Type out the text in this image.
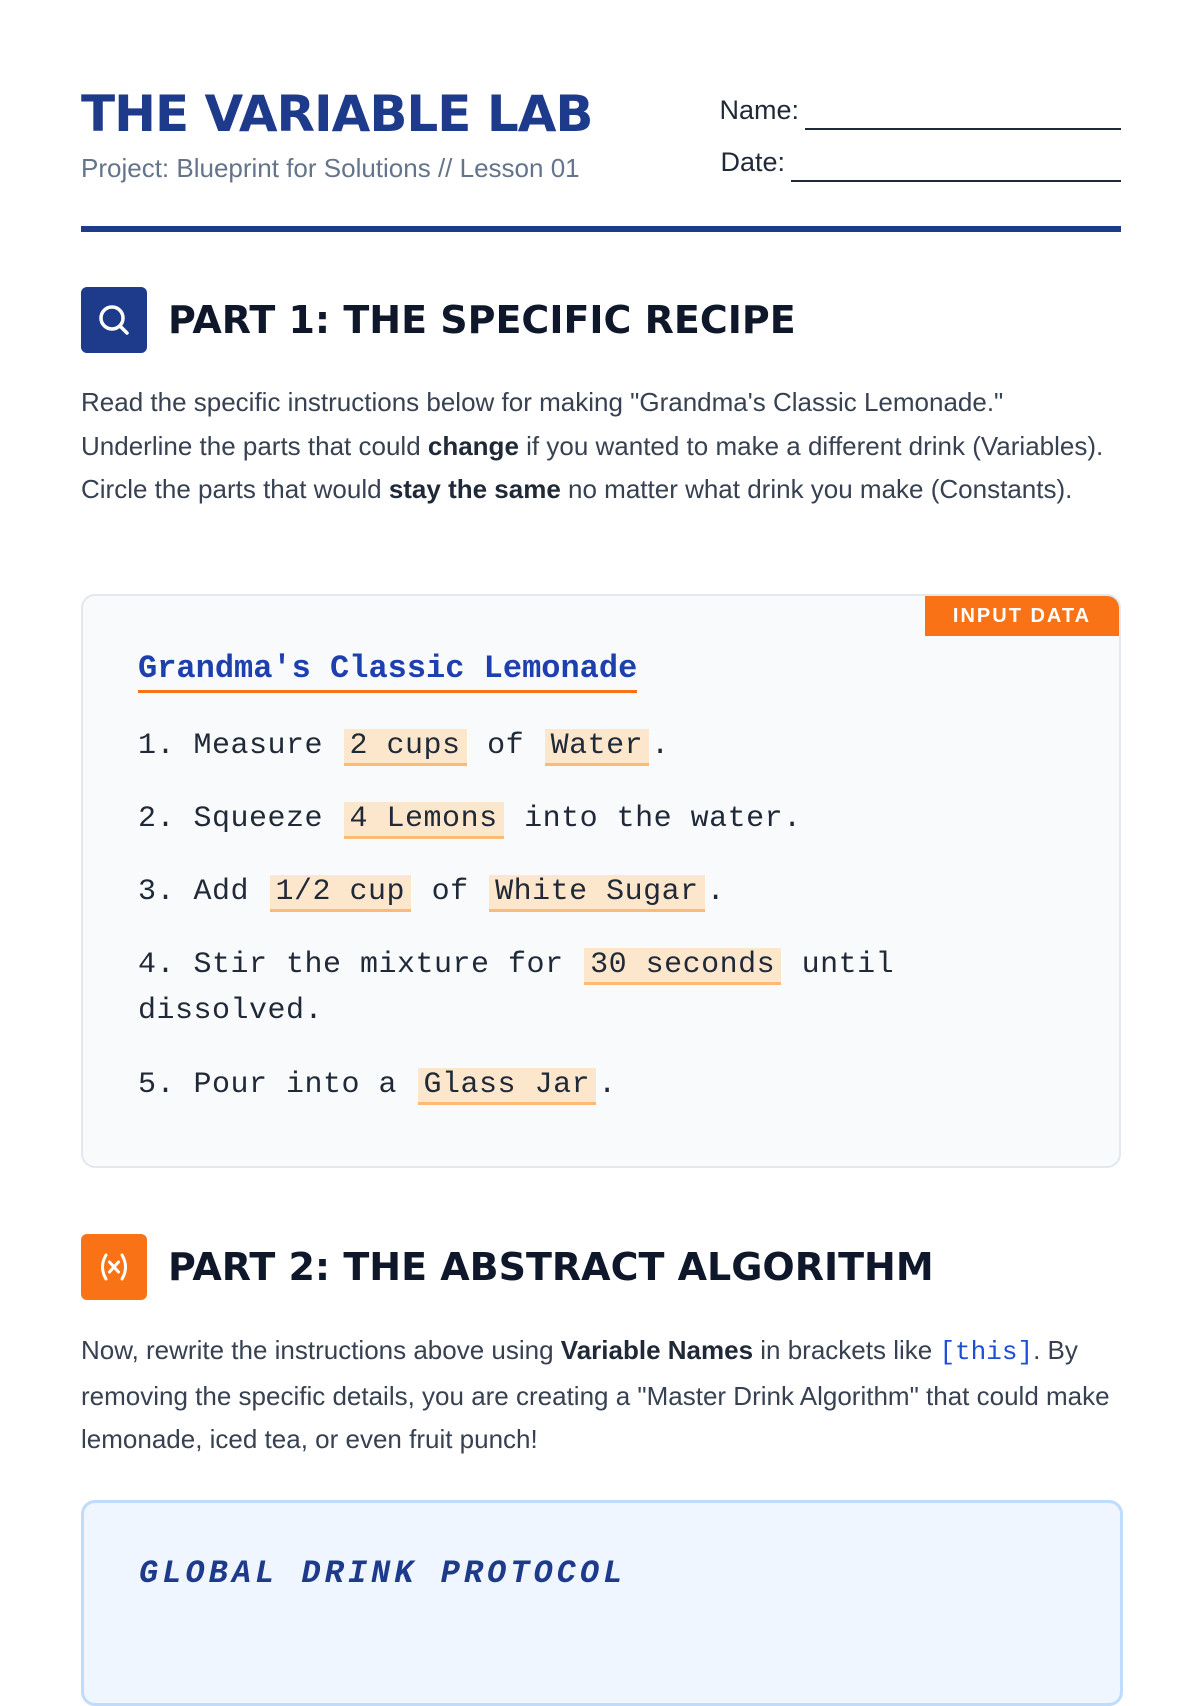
THE VARIABLE LAB
Project: Blueprint for Solutions // Lesson 01
Name:
Date:
PART 1: THE SPECIFIC RECIPE

Read the specific instructions below for making "Grandma's Classic Lemonade." Underline the parts that could change if you wanted to make a different drink (Variables). Circle the parts that would stay the same no matter what drink you make (Constants).

INPUT DATA
Grandma's Classic Lemonade

1. Measure 2 cups of Water .

2. Squeeze 4 Lemons into the water.

3. Add 1/2 cup of White Sugar .

4. Stir the mixture for 30 seconds until dissolved.

5. Pour into a Glass Jar .

PART 2: THE ABSTRACT ALGORITHM

Now, rewrite the instructions above using Variable Names in brackets like [this]. By removing the specific details, you are creating a "Master Drink Algorithm" that could make lemonade, iced tea, or even fruit punch!

GLOBAL DRINK PROTOCOL
